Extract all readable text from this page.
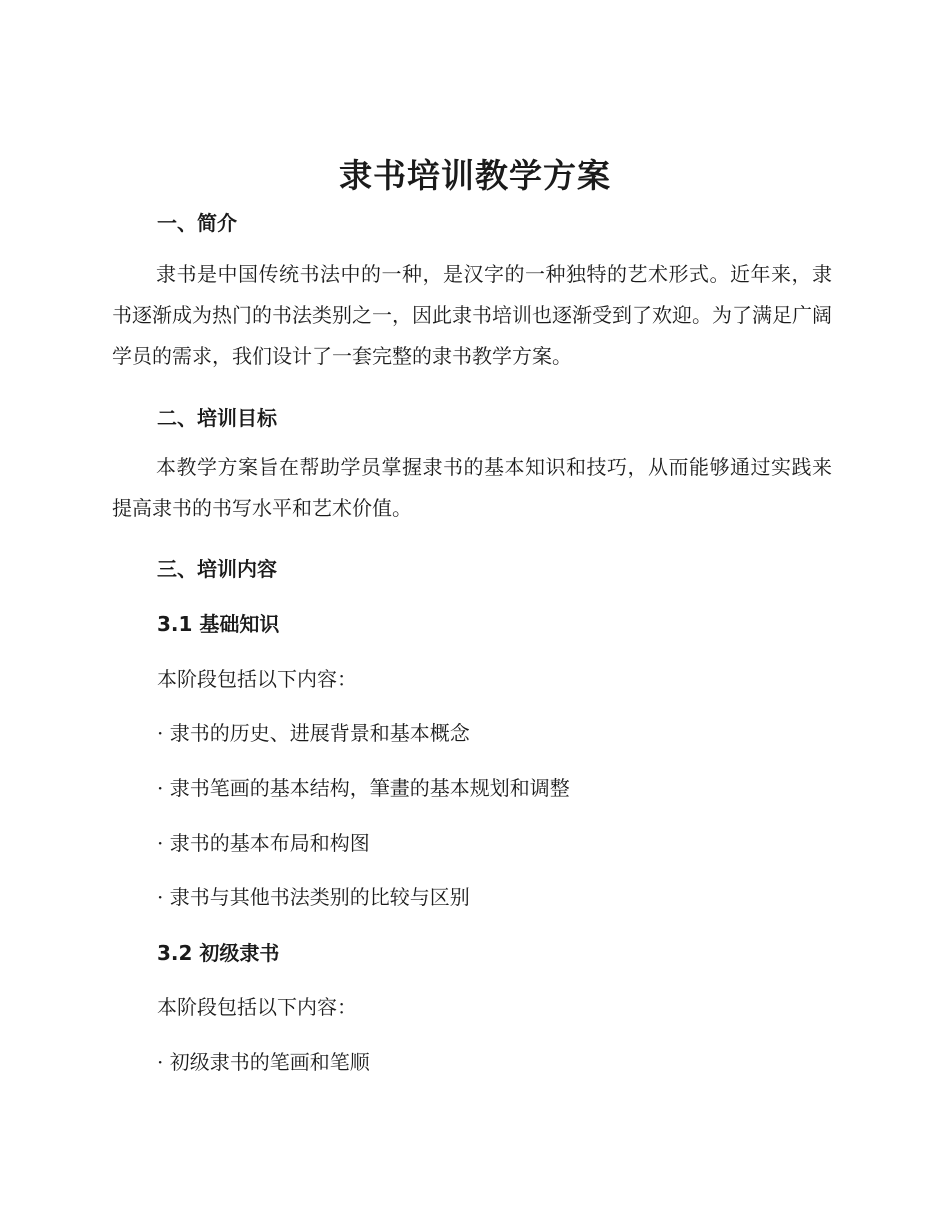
隶书培训教学方案
一、简介
隶书是中国传统书法中的一种，是汉字的一种独特的艺术形式。近年来，隶书逐渐成为热门的书法类别之一，因此隶书培训也逐渐受到了欢迎。为了满足广阔学员的需求，我们设计了一套完整的隶书教学方案。
二、培训目标
本教学方案旨在帮助学员掌握隶书的基本知识和技巧，从而能够通过实践来提高隶书的书写水平和艺术价值。
三、培训内容
3.1 基础知识
本阶段包括以下内容：
· 隶书的历史、进展背景和基本概念
· 隶书笔画的基本结构，筆畫的基本规划和调整
· 隶书的基本布局和构图
· 隶书与其他书法类别的比较与区别
3.2 初级隶书
本阶段包括以下内容：
· 初级隶书的笔画和笔顺
